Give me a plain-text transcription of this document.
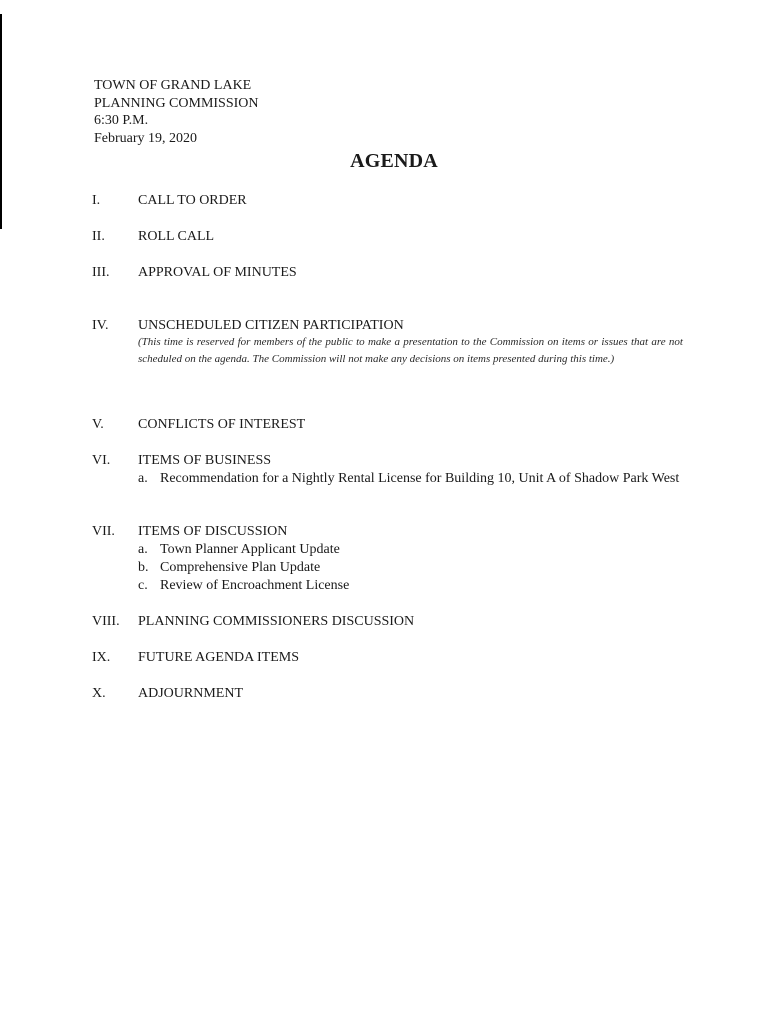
TOWN OF GRAND LAKE
PLANNING COMMISSION
6:30 P.M.
February 19, 2020
AGENDA
I.	CALL TO ORDER
II. ROLL CALL
III. APPROVAL OF MINUTES
IV. UNSCHEDULED CITIZEN PARTICIPATION
(This time is reserved for members of the public to make a presentation to the Commission on items or issues that are not scheduled on the agenda. The Commission will not make any decisions on items presented during this time.)
V. CONFLICTS OF INTEREST
VI. ITEMS OF BUSINESS
a. Recommendation for a Nightly Rental License for Building 10, Unit A of Shadow Park West
VII. ITEMS OF DISCUSSION
a. Town Planner Applicant Update
b. Comprehensive Plan Update
c. Review of Encroachment License
VIII. PLANNING COMMISSIONERS DISCUSSION
IX. FUTURE AGENDA ITEMS
X. ADJOURNMENT
